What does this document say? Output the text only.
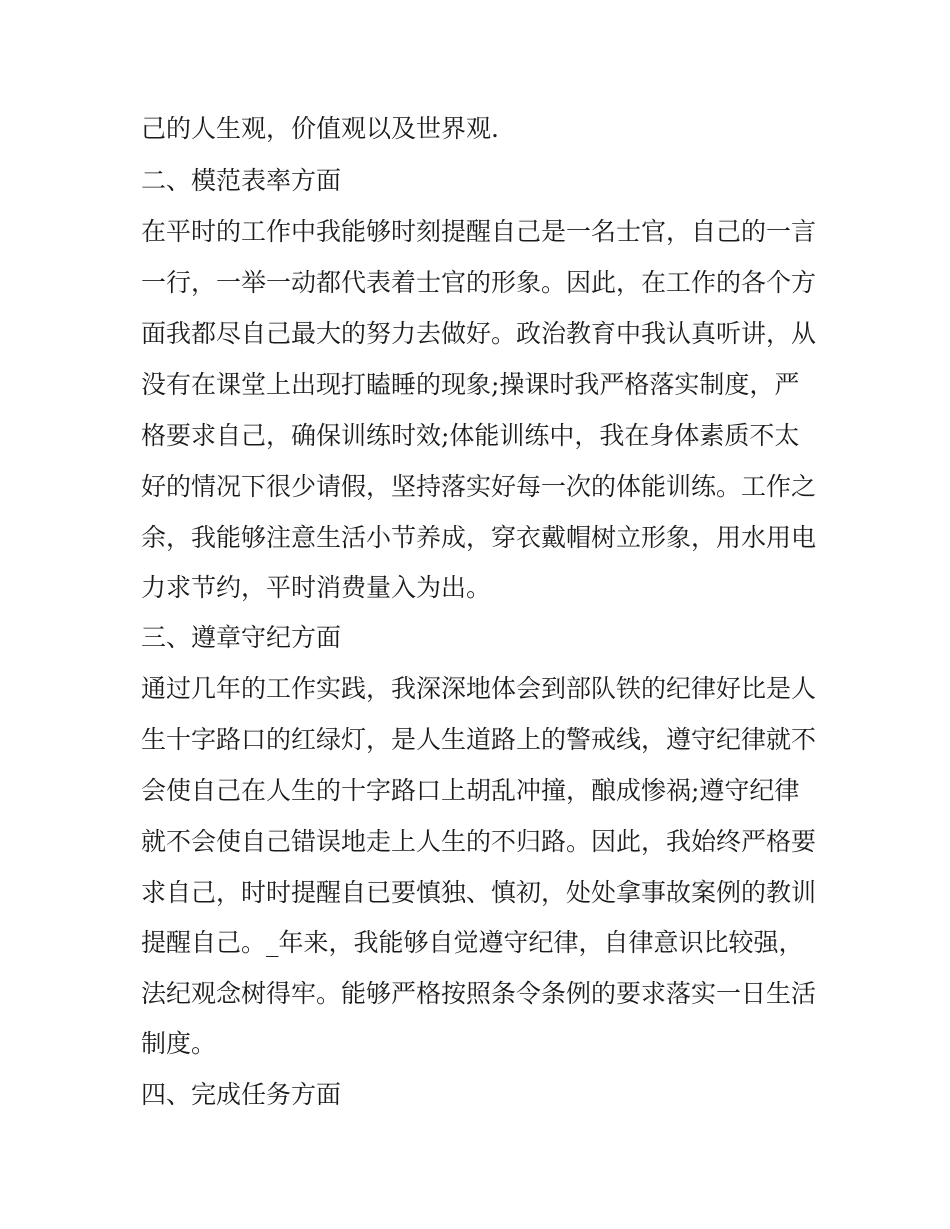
己的人生观，价值观以及世界观.
二、模范表率方面
在平时的工作中我能够时刻提醒自己是一名士官，自己的一言
一行，一举一动都代表着士官的形象。因此，在工作的各个方
面我都尽自己最大的努力去做好。政治教育中我认真听讲，从
没有在课堂上出现打瞌睡的现象;操课时我严格落实制度，严
格要求自己，确保训练时效;体能训练中，我在身体素质不太
好的情况下很少请假，坚持落实好每一次的体能训练。工作之
余，我能够注意生活小节养成，穿衣戴帽树立形象，用水用电
力求节约，平时消费量入为出。
三、遵章守纪方面
通过几年的工作实践，我深深地体会到部队铁的纪律好比是人
生十字路口的红绿灯，是人生道路上的警戒线，遵守纪律就不
会使自己在人生的十字路口上胡乱冲撞，酿成惨祸;遵守纪律
就不会使自己错误地走上人生的不归路。因此，我始终严格要
求自己，时时提醒自已要慎独、慎初，处处拿事故案例的教训
提醒自己。_年来，我能够自觉遵守纪律，自律意识比较强，
法纪观念树得牢。能够严格按照条令条例的要求落实一日生活
制度。
四、完成任务方面
